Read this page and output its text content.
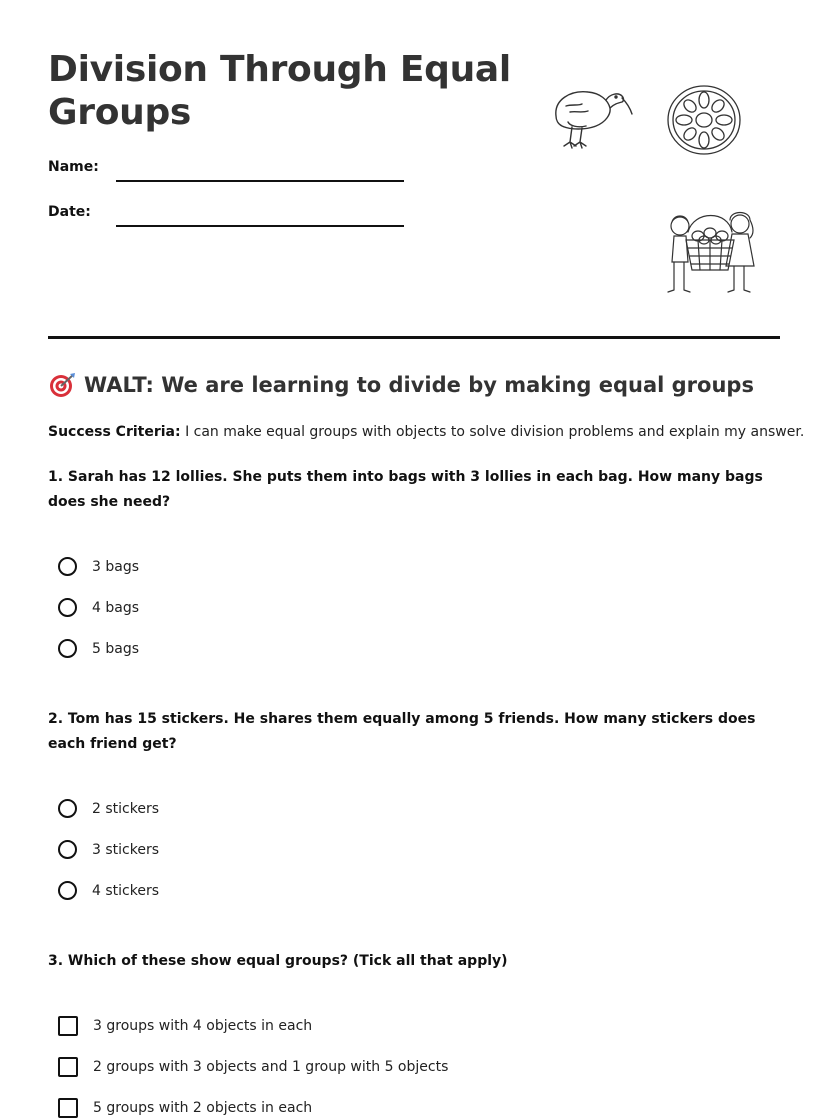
Division Through Equal Groups
Name:
Date:
WALT: We are learning to divide by making equal groups
Success Criteria: I can make equal groups with objects to solve division problems and explain my answer.

1. Sarah has 12 lollies. She puts them into bags with 3 lollies in each bag. How many bags does she need?

3 bags
4 bags
5 bags

2. Tom has 15 stickers. He shares them equally among 5 friends. How many stickers does each friend get?

2 stickers
3 stickers
4 stickers

3. Which of these show equal groups? (Tick all that apply)

3 groups with 4 objects in each
2 groups with 3 objects and 1 group with 5 objects
5 groups with 2 objects in each
